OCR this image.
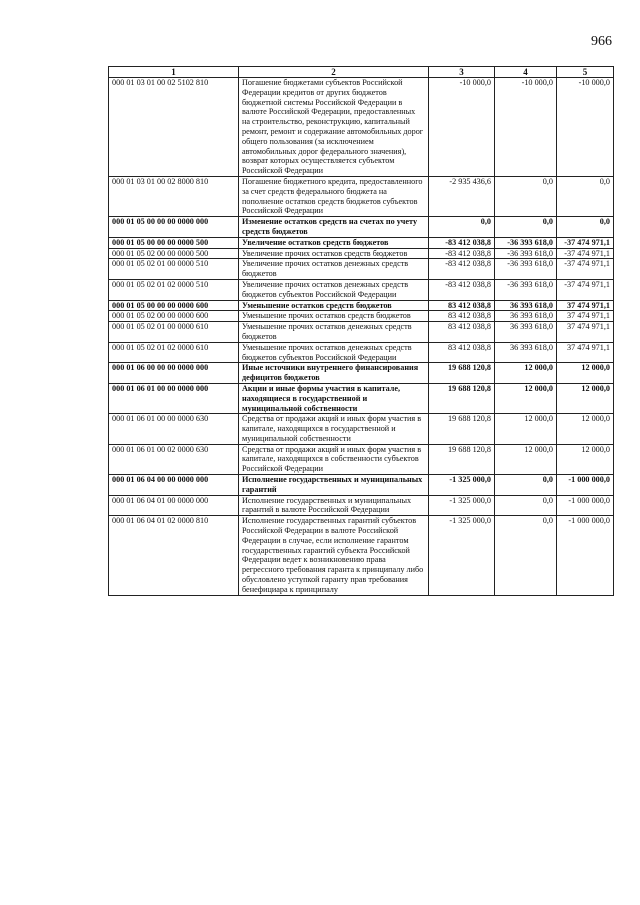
966
1	2	3	4	5
000 01 03 01 00 02 5102 810	Погашение бюджетами субъектов Российской Федерации кредитов от других бюджетов бюджетной системы Российской Федерации в валюте Российской Федерации, предоставленных на строительство, реконструкцию, капитальный ремонт, ремонт и содержание автомобильных дорог общего пользования (за исключением автомобильных дорог федерального значения), возврат которых осуществляется субъектом Российской Федерации	-10 000,0	-10 000,0	-10 000,0
000 01 03 01 00 02 8000 810	Погашение бюджетного кредита, предоставленного за счет средств федерального бюджета на пополнение остатков средств бюджетов субъектов Российской Федерации	-2 935 436,6	0,0	0,0
000 01 05 00 00 00 0000 000	Изменение остатков средств на счетах по учету средств бюджетов	0,0	0,0	0,0
000 01 05 00 00 00 0000 500	Увеличение остатков средств бюджетов	-83 412 038,8	-36 393 618,0	-37 474 971,1
000 01 05 02 00 00 0000 500	Увеличение прочих остатков средств бюджетов	-83 412 038,8	-36 393 618,0	-37 474 971,1
000 01 05 02 01 00 0000 510	Увеличение прочих остатков денежных средств бюджетов	-83 412 038,8	-36 393 618,0	-37 474 971,1
000 01 05 02 01 02 0000 510	Увеличение прочих остатков денежных средств бюджетов субъектов Российской Федерации	-83 412 038,8	-36 393 618,0	-37 474 971,1
000 01 05 00 00 00 0000 600	Уменьшение остатков средств бюджетов	83 412 038,8	36 393 618,0	37 474 971,1
000 01 05 02 00 00 0000 600	Уменьшение прочих остатков средств бюджетов	83 412 038,8	36 393 618,0	37 474 971,1
000 01 05 02 01 00 0000 610	Уменьшение прочих остатков денежных средств бюджетов	83 412 038,8	36 393 618,0	37 474 971,1
000 01 05 02 01 02 0000 610	Уменьшение прочих остатков денежных средств бюджетов субъектов Российской Федерации	83 412 038,8	36 393 618,0	37 474 971,1
000 01 06 00 00 00 0000 000	Иные источники внутреннего финансирования дефицитов бюджетов	19 688 120,8	12 000,0	12 000,0
000 01 06 01 00 00 0000 000	Акции и иные формы участия в капитале, находящиеся в государственной и муниципальной собственности	19 688 120,8	12 000,0	12 000,0
000 01 06 01 00 00 0000 630	Средства от продажи акций и иных форм участия в капитале, находящихся в государственной и муниципальной собственности	19 688 120,8	12 000,0	12 000,0
000 01 06 01 00 02 0000 630	Средства от продажи акций и иных форм участия в капитале, находящихся в собственности субъектов Российской Федерации	19 688 120,8	12 000,0	12 000,0
000 01 06 04 00 00 0000 000	Исполнение государственных и муниципальных гарантий	-1 325 000,0	0,0	-1 000 000,0
000 01 06 04 01 00 0000 000	Исполнение государственных и муниципальных гарантий в валюте Российской Федерации	-1 325 000,0	0,0	-1 000 000,0
000 01 06 04 01 02 0000 810	Исполнение государственных гарантий субъектов Российской Федерации в валюте Российской Федерации в случае, если исполнение гарантом государственных гарантий субъекта Российской Федерации ведет к возникновению права регрессного требования гаранта к принципалу либо обусловлено уступкой гаранту прав требования бенефициара к принципалу	-1 325 000,0	0,0	-1 000 000,0
